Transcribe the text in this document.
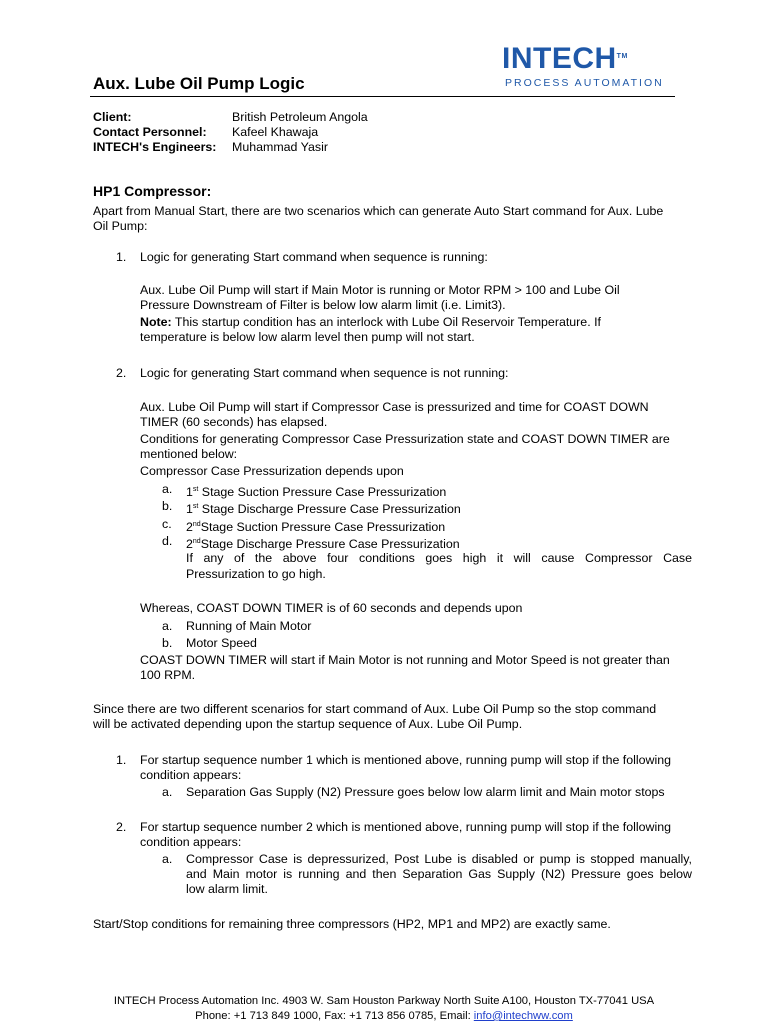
INTECH™
PROCESS AUTOMATION
Aux. Lube Oil Pump Logic
Client:	British Petroleum Angola
Contact Personnel: Kafeel Khawaja
INTECH's Engineers: Muhammad Yasir
HP1 Compressor:
Apart from Manual Start, there are two scenarios which can generate Auto Start command for Aux. Lube
Oil Pump:
1. Logic for generating Start command when sequence is running:
Aux. Lube Oil Pump will start if Main Motor is running or Motor RPM > 100 and Lube Oil
Pressure Downstream of Filter is below low alarm limit (i.e. Limit3).
Note: This startup condition has an interlock with Lube Oil Reservoir Temperature. If
temperature is below low alarm level then pump will not start.
2. Logic for generating Start command when sequence is not running:
Aux. Lube Oil Pump will start if Compressor Case is pressurized and time for COAST DOWN
TIMER (60 seconds) has elapsed.
Conditions for generating Compressor Case Pressurization state and COAST DOWN TIMER are
mentioned below:
Compressor Case Pressurization depends upon
a. 1st Stage Suction Pressure Case Pressurization
b. 1st Stage Discharge Pressure Case Pressurization
c. 2ndStage Suction Pressure Case Pressurization
d. 2ndStage Discharge Pressure Case Pressurization
If any of the above four conditions goes high it will cause Compressor Case
Pressurization to go high.
Whereas, COAST DOWN TIMER is of 60 seconds and depends upon
a. Running of Main Motor
b. Motor Speed
COAST DOWN TIMER will start if Main Motor is not running and Motor Speed is not greater than
100 RPM.
Since there are two different scenarios for start command of Aux. Lube Oil Pump so the stop command
will be activated depending upon the startup sequence of Aux. Lube Oil Pump.
1. For startup sequence number 1 which is mentioned above, running pump will stop if the following
condition appears:
a. Separation Gas Supply (N2) Pressure goes below low alarm limit and Main motor stops
2. For startup sequence number 2 which is mentioned above, running pump will stop if the following
condition appears:
a. Compressor Case is depressurized, Post Lube is disabled or pump is stopped manually,
and Main motor is running and then Separation Gas Supply (N2) Pressure goes below
low alarm limit.
Start/Stop conditions for remaining three compressors (HP2, MP1 and MP2) are exactly same.
INTECH Process Automation Inc. 4903 W. Sam Houston Parkway North Suite A100, Houston TX-77041 USA
Phone: +1 713 849 1000, Fax: +1 713 856 0785, Email: info@intechww.com
